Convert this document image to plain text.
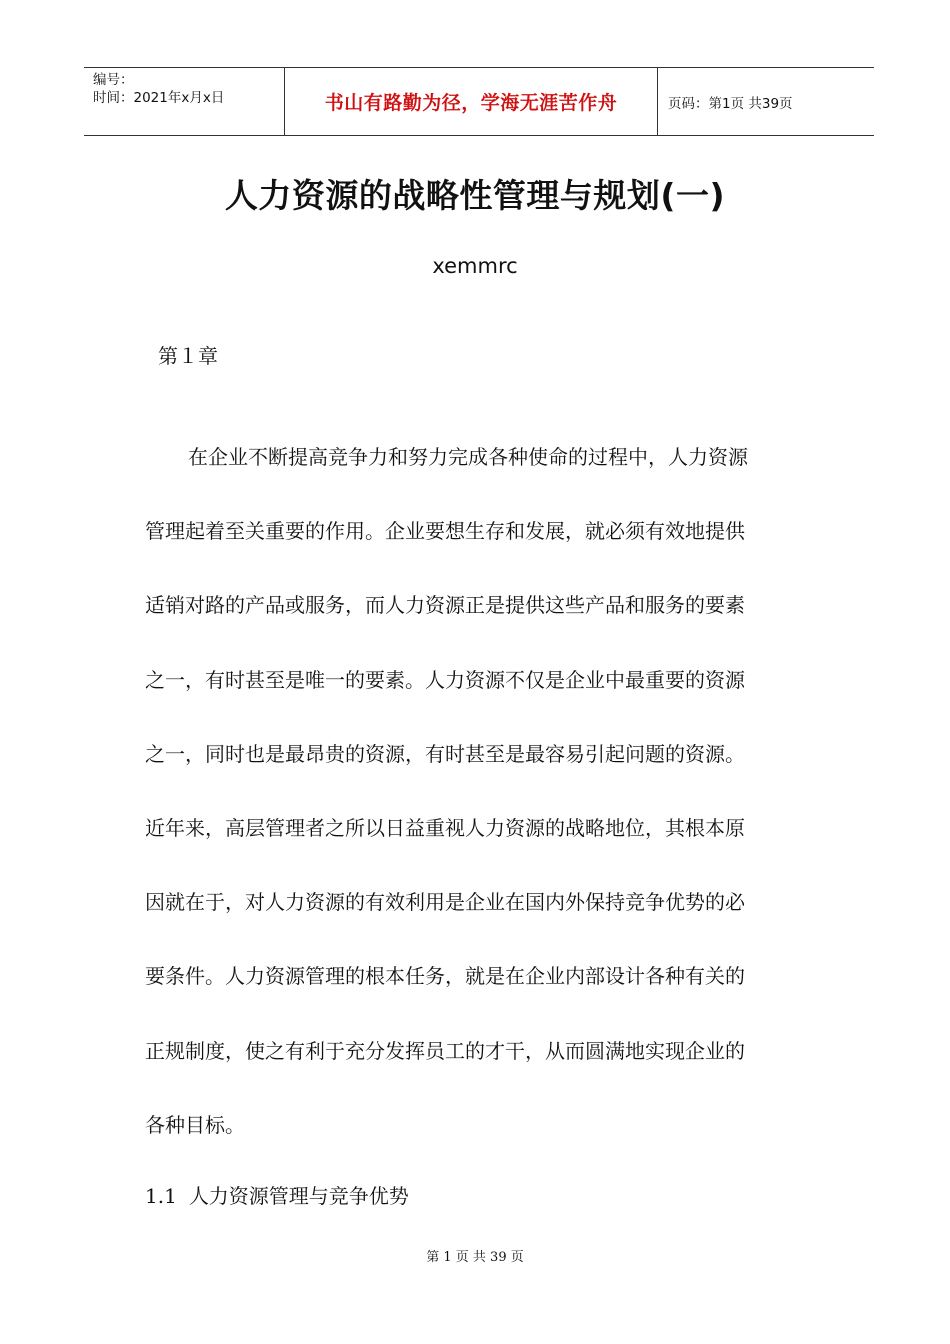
编号：
时间：2021年x月x日	书山有路勤为径，学海无涯苦作舟	页码：第1页 共39页
人力资源的战略性管理与规划(一)
xemmrc
第１章

在企业不断提高竞争力和努力完成各种使命的过程中，人力资源
管理起着至关重要的作用。企业要想生存和发展，就必须有效地提供
适销对路的产品或服务，而人力资源正是提供这些产品和服务的要素
之一，有时甚至是唯一的要素。人力资源不仅是企业中最重要的资源
之一，同时也是最昂贵的资源，有时甚至是最容易引起问题的资源。
近年来，高层管理者之所以日益重视人力资源的战略地位，其根本原
因就在于，对人力资源的有效利用是企业在国内外保持竞争优势的必
要条件。人力资源管理的根本任务，就是在企业内部设计各种有关的
正规制度，使之有利于充分发挥员工的才干，从而圆满地实现企业的
各种目标。

1.1 人力资源管理与竞争优势
第 1 页 共 39 页
